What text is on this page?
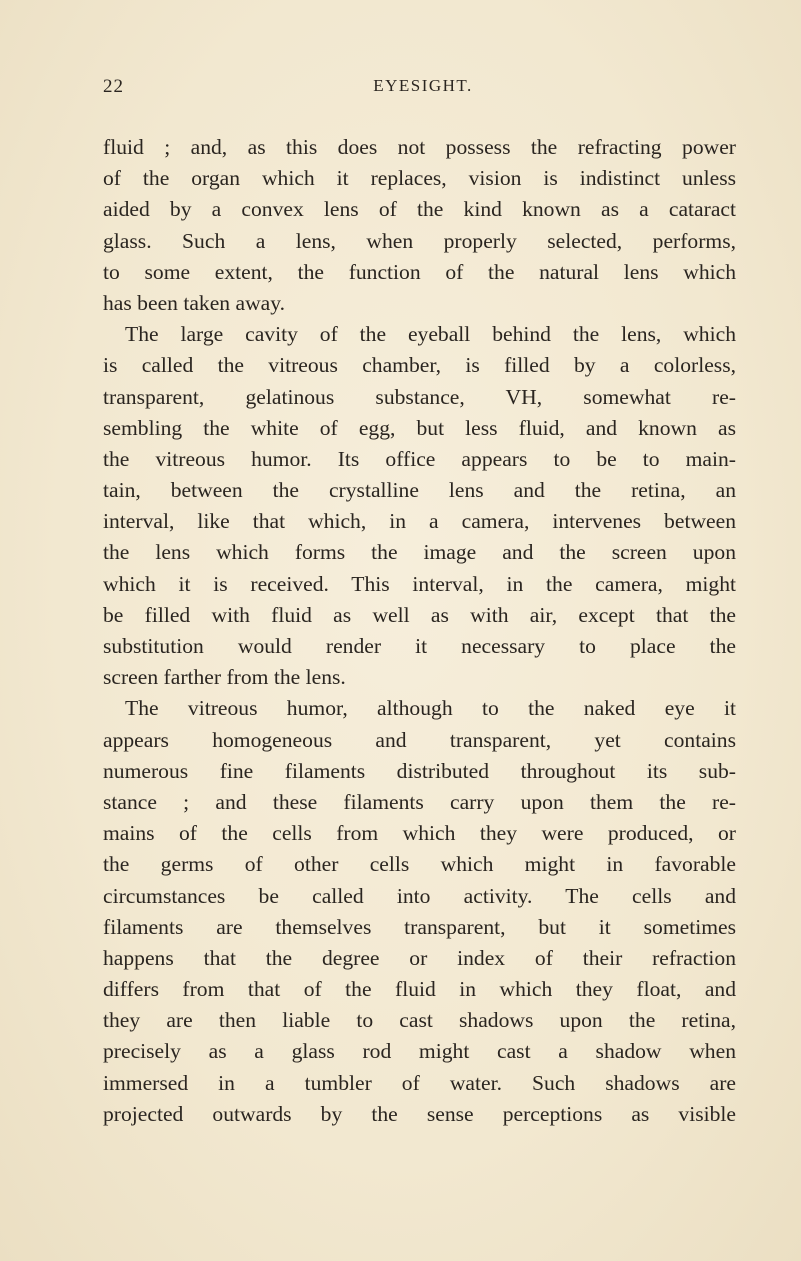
22	EYESIGHT.
fluid ; and, as this does not possess the refracting power
of the organ which it replaces, vision is indistinct unless
aided by a convex lens of the kind known as a cataract
glass. Such a lens, when properly selected, performs,
to some extent, the function of the natural lens which
has been taken away.
The large cavity of the eyeball behind the lens, which
is called the vitreous chamber, is filled by a colorless,
transparent, gelatinous substance, VH, somewhat re-
sembling the white of egg, but less fluid, and known as
the vitreous humor. Its office appears to be to main-
tain, between the crystalline lens and the retina, an
interval, like that which, in a camera, intervenes between
the lens which forms the image and the screen upon
which it is received. This interval, in the camera, might
be filled with fluid as well as with air, except that the
substitution would render it necessary to place the
screen farther from the lens.
The vitreous humor, although to the naked eye it
appears homogeneous and transparent, yet contains
numerous fine filaments distributed throughout its sub-
stance ; and these filaments carry upon them the re-
mains of the cells from which they were produced, or
the germs of other cells which might in favorable
circumstances be called into activity. The cells and
filaments are themselves transparent, but it sometimes
happens that the degree or index of their refraction
differs from that of the fluid in which they float, and
they are then liable to cast shadows upon the retina,
precisely as a glass rod might cast a shadow when
immersed in a tumbler of water. Such shadows are
projected outwards by the sense perceptions as visible
